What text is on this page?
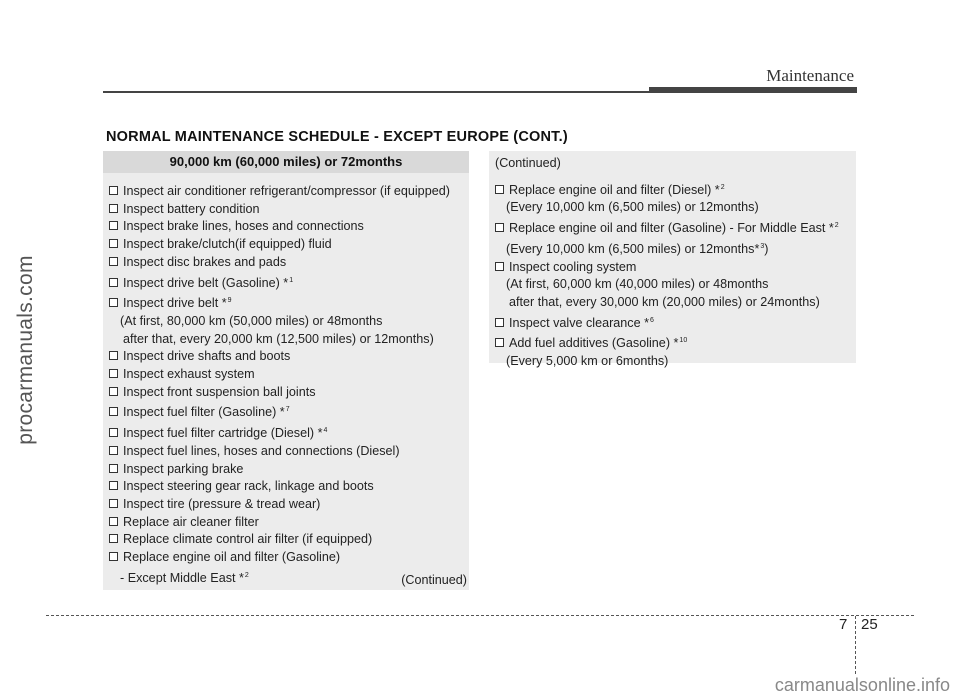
procarmanuals.com
Maintenance
NORMAL MAINTENANCE SCHEDULE - EXCEPT EUROPE (CONT.)
90,000 km (60,000 miles) or 72months
Inspect air conditioner refrigerant/compressor (if equipped)
Inspect battery condition
Inspect brake lines, hoses and connections
Inspect brake/clutch(if equipped) fluid
Inspect disc brakes and pads
Inspect drive belt (Gasoline) *$^1$
Inspect drive belt *$^9$
(At first, 80,000 km (50,000 miles) or 48months
after that, every 20,000 km (12,500 miles) or 12months)
Inspect drive shafts and boots
Inspect exhaust system
Inspect front suspension ball joints
Inspect fuel filter (Gasoline) *$^7$
Inspect fuel filter cartridge (Diesel) *$^4$
Inspect fuel lines, hoses and connections (Diesel)
Inspect parking brake
Inspect steering gear rack, linkage and boots
Inspect tire (pressure & tread wear)
Replace air cleaner filter
Replace climate control air filter (if equipped)
Replace engine oil and filter (Gasoline)
- Except Middle East *$^2$	(Continued)
(Continued)
Replace engine oil and filter (Diesel) *$^2$
(Every 10,000 km (6,500 miles) or 12months)
Replace engine oil and filter (Gasoline) - For Middle East *$^2$
(Every 10,000 km (6,500 miles) or 12months*$^3$)
Inspect cooling system
(At first, 60,000 km (40,000 miles) or 48months
after that, every 30,000 km (20,000 miles) or 24months)
Inspect valve clearance *$^6$
Add fuel additives (Gasoline) *$^{10}$
(Every 5,000 km or 6months)
7 25
carmanualsonline.info
